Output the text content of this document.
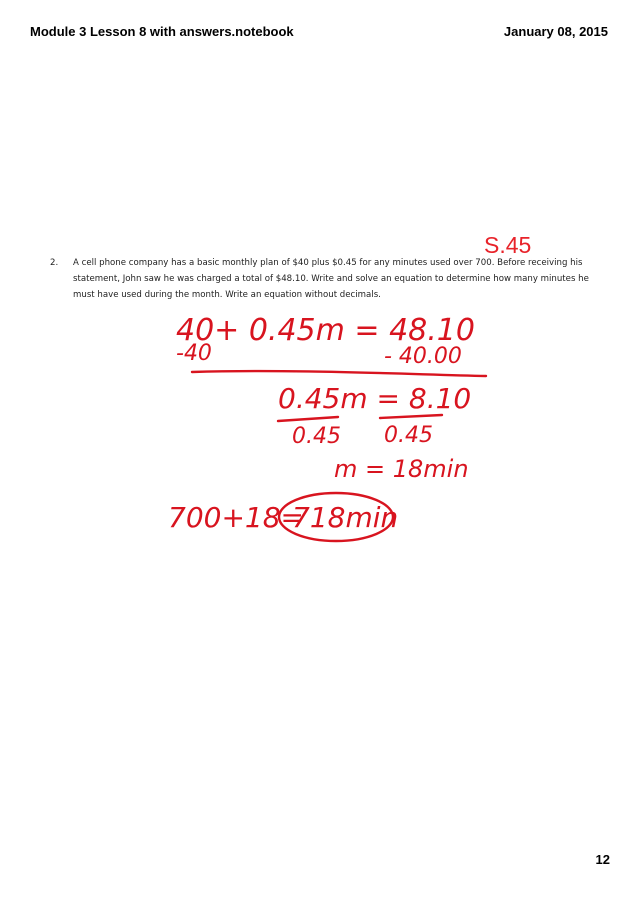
Module 3 Lesson 8 with answers.notebook	January 08, 2015
S.45
2. A cell phone company has a basic monthly plan of $40 plus $0.45 for any minutes used over 700. Before receiving his statement, John saw he was charged a total of $48.10. Write and solve an equation to determine how many minutes he must have used during the month. Write an equation without decimals.
40+ 0.45m = 48.10
-40	- 40.00
0.45m = 8.10
0.45 0.45
m = 18min
700+18=
718min
12
